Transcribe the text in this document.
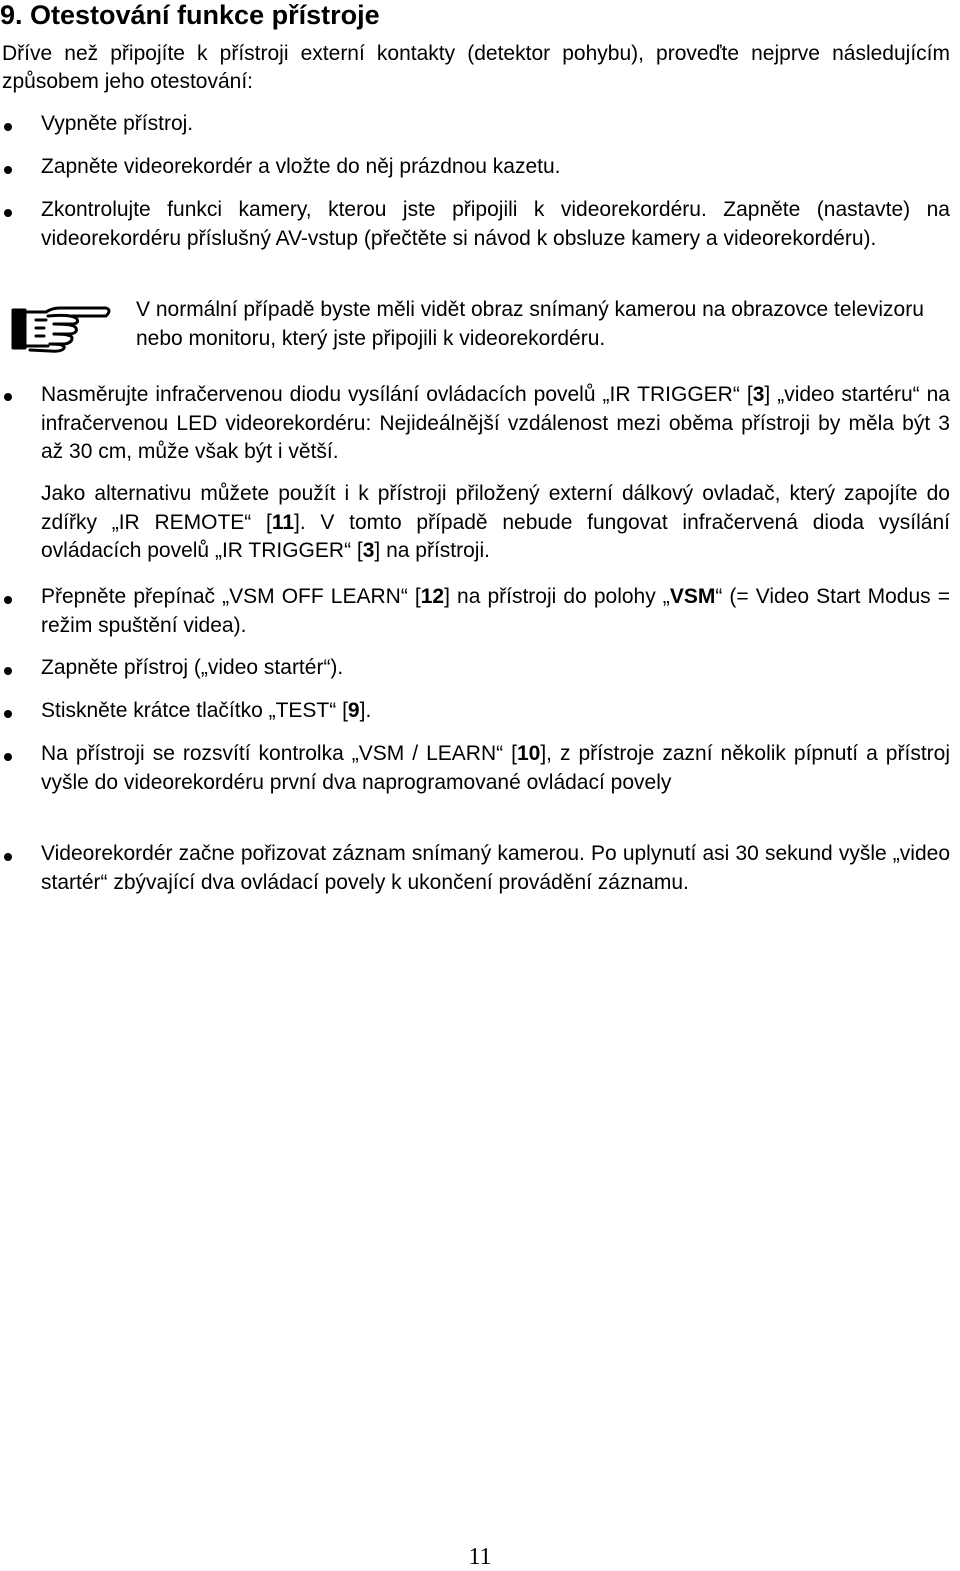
9. Otestování funkce přístroje

Dříve než připojíte k přístroji externí kontakty (detektor pohybu), proveďte nejprve následujícím způsobem jeho otestování:

Vypněte přístroj.

Zapněte videorekordér a vložte do něj prázdnou kazetu.

Zkontrolujte funkci kamery, kterou jste připojili k videorekordéru. Zapněte (nastavte) na videorekordéru příslušný AV-vstup (přečtěte si návod k obsluze kamery a videorekordéru).

V normální případě byste měli vidět obraz snímaný kamerou na obrazovce televizoru nebo monitoru, který jste připojili k videorekordéru.

Nasměrujte infračervenou diodu vysílání ovládacích povelů „IR TRIGGER“ [3] „video startéru“ na infračervenou LED videorekordéru: Nejideálnější vzdálenost mezi oběma přístroji by měla být 3 až 30 cm, může však být i větší.

Jako alternativu můžete použít i k přístroji přiložený externí dálkový ovladač, který zapojíte do zdířky „IR REMOTE“ [11]. V tomto případě nebude fungovat infračervená dioda vysílání ovládacích povelů „IR TRIGGER“ [3] na přístroji.

Přepněte přepínač „VSM OFF LEARN“ [12] na přístroji do polohy „VSM“ (= Video Start Modus = režim spuštění videa).

Zapněte přístroj („video startér“).

Stiskněte krátce tlačítko „TEST“ [9].

Na přístroji se rozsvítí kontrolka „VSM / LEARN“ [10], z přístroje zazní několik pípnutí a přístroj vyšle do videorekordéru první dva naprogramované ovládací povely

Videorekordér začne pořizovat záznam snímaný kamerou. Po uplynutí asi 30 sekund vyšle „video startér“ zbývající dva ovládací povely k ukončení provádění záznamu.

11
